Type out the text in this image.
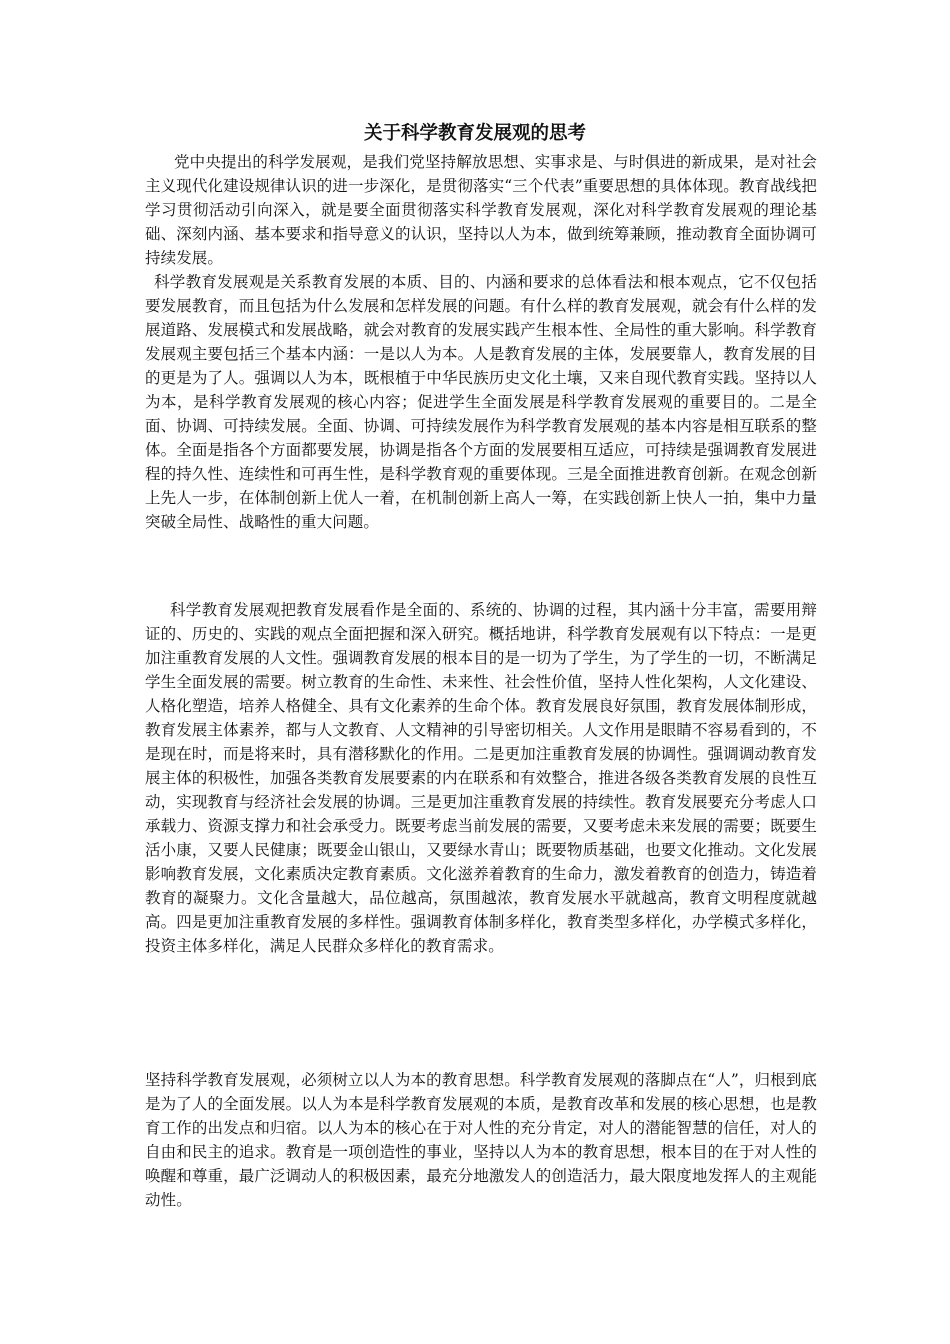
关于科学教育发展观的思考

党中央提出的科学发展观，是我们党坚持解放思想、实事求是、与时俱进的新成果，是对社会主义现代化建设规律认识的进一步深化，是贯彻落实“三个代表”重要思想的具体体现。教育战线把学习贯彻活动引向深入，就是要全面贯彻落实科学教育发展观，深化对科学教育发展观的理论基础、深刻内涵、基本要求和指导意义的认识，坚持以人为本，做到统筹兼顾，推动教育全面协调可持续发展。

科学教育发展观是关系教育发展的本质、目的、内涵和要求的总体看法和根本观点，它不仅包括要发展教育，而且包括为什么发展和怎样发展的问题。有什么样的教育发展观，就会有什么样的发展道路、发展模式和发展战略，就会对教育的发展实践产生根本性、全局性的重大影响。科学教育发展观主要包括三个基本内涵：一是以人为本。人是教育发展的主体，发展要靠人，教育发展的目的更是为了人。强调以人为本，既根植于中华民族历史文化土壤，又来自现代教育实践。坚持以人为本，是科学教育发展观的核心内容；促进学生全面发展是科学教育发展观的重要目的。二是全面、协调、可持续发展。全面、协调、可持续发展作为科学教育发展观的基本内容是相互联系的整体。全面是指各个方面都要发展，协调是指各个方面的发展要相互适应，可持续是强调教育发展进程的持久性、连续性和可再生性，是科学教育观的重要体现。三是全面推进教育创新。在观念创新上先人一步，在体制创新上优人一着，在机制创新上高人一筹，在实践创新上快人一拍，集中力量突破全局性、战略性的重大问题。

科学教育发展观把教育发展看作是全面的、系统的、协调的过程，其内涵十分丰富，需要用辩证的、历史的、实践的观点全面把握和深入研究。概括地讲，科学教育发展观有以下特点：一是更加注重教育发展的人文性。强调教育发展的根本目的是一切为了学生，为了学生的一切，不断满足学生全面发展的需要。树立教育的生命性、未来性、社会性价值，坚持人性化架构，人文化建设、人格化塑造，培养人格健全、具有文化素养的生命个体。教育发展良好氛围，教育发展体制形成，教育发展主体素养，都与人文教育、人文精神的引导密切相关。人文作用是眼睛不容易看到的，不是现在时，而是将来时，具有潜移默化的作用。二是更加注重教育发展的协调性。强调调动教育发展主体的积极性，加强各类教育发展要素的内在联系和有效整合，推进各级各类教育发展的良性互动，实现教育与经济社会发展的协调。三是更加注重教育发展的持续性。教育发展要充分考虑人口承载力、资源支撑力和社会承受力。既要考虑当前发展的需要，又要考虑未来发展的需要；既要生活小康，又要人民健康；既要金山银山，又要绿水青山；既要物质基础，也要文化推动。文化发展影响教育发展，文化素质决定教育素质。文化滋养着教育的生命力，激发着教育的创造力，铸造着教育的凝聚力。文化含量越大，品位越高，氛围越浓，教育发展水平就越高，教育文明程度就越高。四是更加注重教育发展的多样性。强调教育体制多样化，教育类型多样化，办学模式多样化，投资主体多样化，满足人民群众多样化的教育需求。

坚持科学教育发展观，必须树立以人为本的教育思想。科学教育发展观的落脚点在“人”，归根到底是为了人的全面发展。以人为本是科学教育发展观的本质，是教育改革和发展的核心思想，也是教育工作的出发点和归宿。以人为本的核心在于对人性的充分肯定，对人的潜能智慧的信任，对人的自由和民主的追求。教育是一项创造性的事业，坚持以人为本的教育思想，根本目的在于对人性的唤醒和尊重，最广泛调动人的积极因素，最充分地激发人的创造活力，最大限度地发挥人的主观能动性。
